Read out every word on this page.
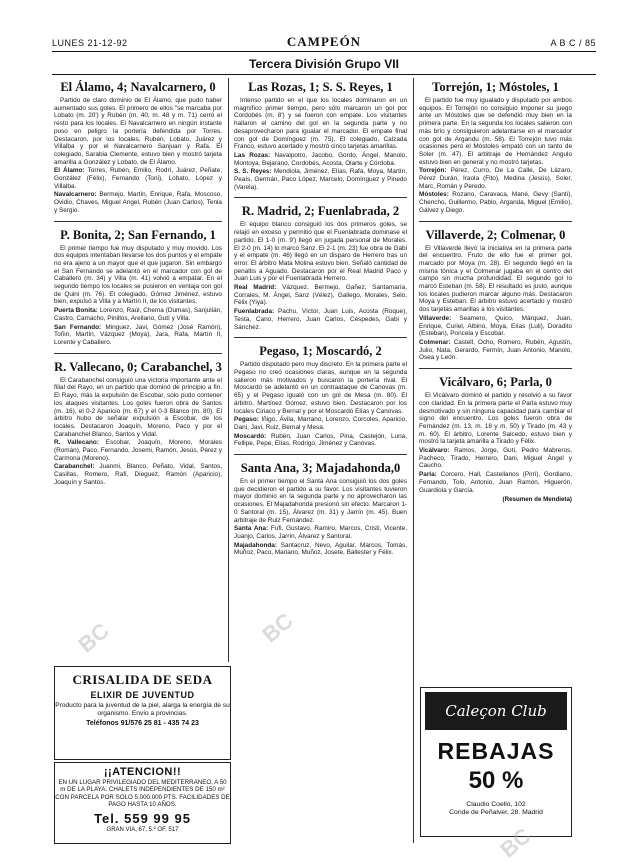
LUNES 21-12-92	CAMPEÓN	A B C / 85
Tercera División Grupo VII
El Álamo, 4; Navalcarnero, 0

Partido de claro dominio de El Álamo, que pudo haber aumentado sus goles. El primero de ellos "se marcaba por Lobato (m. 20') y Rubén (m. 40, m. 48 y m. 71) cerró el resto para los locales. El Navalcarnero en ningún instante puso en peligro la portería defendida por Torres. Destacaron, por los locales, Rubén, Lobato, Juárez y Villalba y por el Navalcarnero Sanjuan y Rafa. El colegiado, Sarabia Clemente, estuvo bien y mostró tarjeta amarilla a González y Lobato, de El Álamo.

El Álamo: Torres, Rubén, Emilio, Rodrí, Juárez, Peñate, González (Félix), Fernando (Toni), Lobato, López y Villalba.

Navalcarnero: Bermejo, Martín, Enrique, Rafa, Moscoso, Ovidio, Chaves, Miguel Angel, Rubén (Juan Carlos), Tenla y Sergio.

P. Bonita, 2; San Fernando, 1

El primer tiempo fue muy disputado y muy movido. Los dos equipos intentaban llevarse los dos puntos y el empate no era ajeno a un mayor que el que jugaron. Sin embargo el San Fernando se adelantó en el marcador con gol de Caballero (m. 34) y Villa (m. 41) volvió a empatar. En el segundo tiempo los locales se pusieron en ventaja con gol de Quini (m. 76). El colegiado, Gómez Jiménez, estuvo bien, expulsó a Villa y a Martín II, de los visitantes.

Puerta Bonita: Lorenzo, Raúl, Chema (Dumas), Sanjulián, Castro, Camacho, Pinillos, Arellano, Gutí y Villa.

San Fernando: Minguez, Javi, Gómez (José Ramón), Toñin, Martín, Vázquez (Moya), Jara, Rafa, Martín II, Lorente y Caballero.

R. Vallecano, 0; Carabanchel, 3

El Carabanchel consiguió una victoria importante ante el filial del Rayo, en un partido que dominó de principio a fin. El Rayo, más la expulsión de Escobar, solo pudo contener los ataques visitantes. Los goles fueron obra de Santos (m. 16), el 0-2 Aparicio (m. 67) y el 0-3 Blanco (m. 80). El árbitro hubo de señalar expulsión a Escobar, de los locales. Destacaron Joaquín, Moreno, Paco y por el Carabanchel Blanco, Santos y Vidal.

R. Vallecano: Escobar, Joaquín, Moreno, Morales (Román), Paco, Fernando, Josemi, Ramón, Jesús, Pérez y Carmona (Moreno).

Carabanchel: Juanmi, Blanco, Peñato, Vidal, Santos, Casillas, Romero, Rafi, Dieguez, Ramón (Aparicio), Joaquín y Santos.

Las Rozas, 1; S. S. Reyes, 1

Intenso partido en el que los locales dominaron en un magnífico primer tiempo, pero sólo marcaron un gol por Cordobés (m. 8') y se fueron con empate. Los visitantes hallaron el camino del gol en la segunda parte y no desaprovecharon para igualar el marcador. El empate final con gol de Domínguez (m. 75). El colegiado, Calzada Franco, estuvo acertado y mostró cinco tarjetas amarillas.

Las Rozas: Navalpotro, Jacobo, Gordo, Ángel, Manolo, Montoya, Bejarano, Cordobés, Acosta, Olarte y Córdoba.

S. S. Reyes: Mendiola, Jiménez, Elías, Rafa, Moya, Martín, Peaís, Germán, Paco López, Marcelo, Domínguez y Pinedo (Varela).

R. Madrid, 2; Fuenlabrada, 2

El equipo blanco consiguió los dos primeros goles, se relajó en exceso y permitió que el Fuenlabrada dominase el partido. El 1-0 (m. 9') llegó en jugada personal de Morales. El 2-0 (m. 14) lo marcó Sanz. El 2-1 (m. 23) fue obra de Gabi y el empate (m. 46) llegó en un disparo de Herrero tras un error. El árbitro Mata Molina estuvo bien. Señaló cantidad de penaltis a Aguado. Destacaron por el Real Madrid Paco y Juan Luis y por el Fuenlabrada Herrero.

Real Madrid: Vázquez, Bermejo, Gañez, Santamaría, Corrales, M. Ángel, Sanz (Vélez), Gallego, Morales, Selo, Félix (Yiya).

Fuenlabrada: Pachu, Víctor, Juan Luis, Acosta (Roque), Testa, Cano, Herrero, Juan Carlos, Céspedes, Gabi y Sánchez.

Pegaso, 1; Moscardó, 2

Partido disputado pero muy discreto. En la primera parte el Pegaso no creó ocasiones claras, aunque en la segunda salieron más motivados y buscaron la portería rival. El Moscardó se adelantó en un contraataque de Canovas (m. 65) y el Pegaso igualó con un gol de Mesa (m. 80). El árbitro, Martínez Gómez, estuvo bien. Destacaron por los locales Ciriaco y Bernal y por el Moscardó Elías y Canovas.

Pegaso: Iñigo, Ávila, Marrano, Lorenzo, Corcoles, Aparicio, Dani, Javi, Ruiz, Bernal y Mesa.

Moscardó: Rubén, Juan Carlos, Pina, Castejón, Luna, Fellipe, Pepe, Elías, Rodrigo, Jiménez y Canovas.

Santa Ana, 3; Majadahonda,0

En el primer tiempo el Santa Ana consiguió los dos goles que decidieron el partido a su favor. Los visitantes tuvieron mayor dominio en la segunda parte y no aprovecharon las ocasiones. El Majadahonda presionó sin efecto. Marcaron 1-0 Santoral (m. 15), Álvarez (m. 31) y Jarrín (m. 45). Buen arbitraje de Ruiz Fernández.

Santa Ana: Fufi, Gustavo, Ramiro, Marcos, Cristi, Vicente, Juanjo, Carlos, Jarrín, Álvarez y Santoral.

Majadahonda: Santacruz, Nevo, Aguilar, Marcos, Tomás, Muñoz, Paco, Mariano, Muñoz, Josete, Ballester y Félix.

Torrejón, 1; Móstoles, 1

El partido fue muy igualado y disputado por ambos equipos. El Torrejón no consiguió imponer su juego ante un Móstoles que se defendió muy bien en la primera parte. En la segunda los locales salieron con más brío y consiguieron adelantarse en el marcador con gol de Argandu (m. 58). El Torrejón tuvo más ocasiones pero el Móstoles empató con un tanto de Soler (m. 47). El arbitraje de Hernández Angulo estuvo bien en general y no mostró tarjetas.

Torrejón: Pérez, Curro, De La Calle, De Lázaro, Pérez Durán, Iraola (Fito), Medina (Jesús), Soler, Marc, Román y Peredo.

Móstoles: Rozano, Caravaca, Mané, Gevy (Santi), Chencho, Guillermo, Pablo, Arganda, Miguel (Emilio), Gálvez y Diego.

Villaverde, 2; Colmenar, 0

El Villaverde llevó la iniciativa en la primera parte del encuentro. Fruto de ello fue el primer gol, marcado por Moya (m. 28). El segundo llegó en la misma tónica y el Colmenar jugaba en el centro del campo sin mucha profundidad. El segundo gol lo marcó Esteban (m. 58). El resultado es justo, aunque los locales pudieron marcar alguno más. Destacaron Moya y Esteban. El árbitro estuvo acertado y mostró dos tarjetas amarillas a los visitantes.

Villaverde: Seamero, Quico, Márquez, Juan, Enrique, Curiel, Albino, Moya, Elías (Luli), Doradito (Esteban), Poncela y Escobar.

Colmenar: Castell, Ocho, Romero, Rubén, Agustín, Julio, Nata, Gerardo, Fermín, Juan Antonio, Manolo, Osea y León.

Vicálvaro, 6; Parla, 0

El Vicálvaro dominó el partido y resolvió a su favor con claridad. En la primera parte el Parla estuvo muy desmotivado y sin ninguna capacidad para cambiar el signo del encuentro. Los goles fueron obra de Fernández (m. 13, m. 18 y m. 50) y Tirado (m. 43 y m. 60). El árbitro, Lorente Salcedo, estuvo bien y mostró la tarjeta amarilla a Tirado y Félix.

Vicálvaro: Ramos, Jorge, Gutí, Pedro Mabreros, Pacheco, Tirado, Herrero, Dani, Miguel Ángel y Caucho.

Parla: Corcero, Hall, Castellanos (Pirri), Gordiano, Fernando, Tolo, Antonio, Juan Ramón, Higuerón, Guardiola y García.

(Resumen de Mendieta)
CRISALIDA DE SEDA
ELIXIR DE JUVENTUD
Producto para la juventud de la piel, alarga la energía de su organismo. Envío a provincias.
Teléfonos 91/576 25 81 - 435 74 23
¡¡ATENCION!!
EN UN LUGAR PRIVILEGIADO DEL MEDITERRANEO, A 50 m DE LA PLAYA. CHALETS INDEPENDIENTES DE 150 m² CON PARCELA POR SOLO 5.000.000 PTS. FACILIDADES DE PAGO HASTA 10 AÑOS.
Tel. 559 99 95
GRAN VIA, 67, 5.º OF. 517
Caleçon Club
REBAJAS
50 %
Claudio Coello, 102
Conde de Peñalver, 28. Madrid
BC	BC
BC
